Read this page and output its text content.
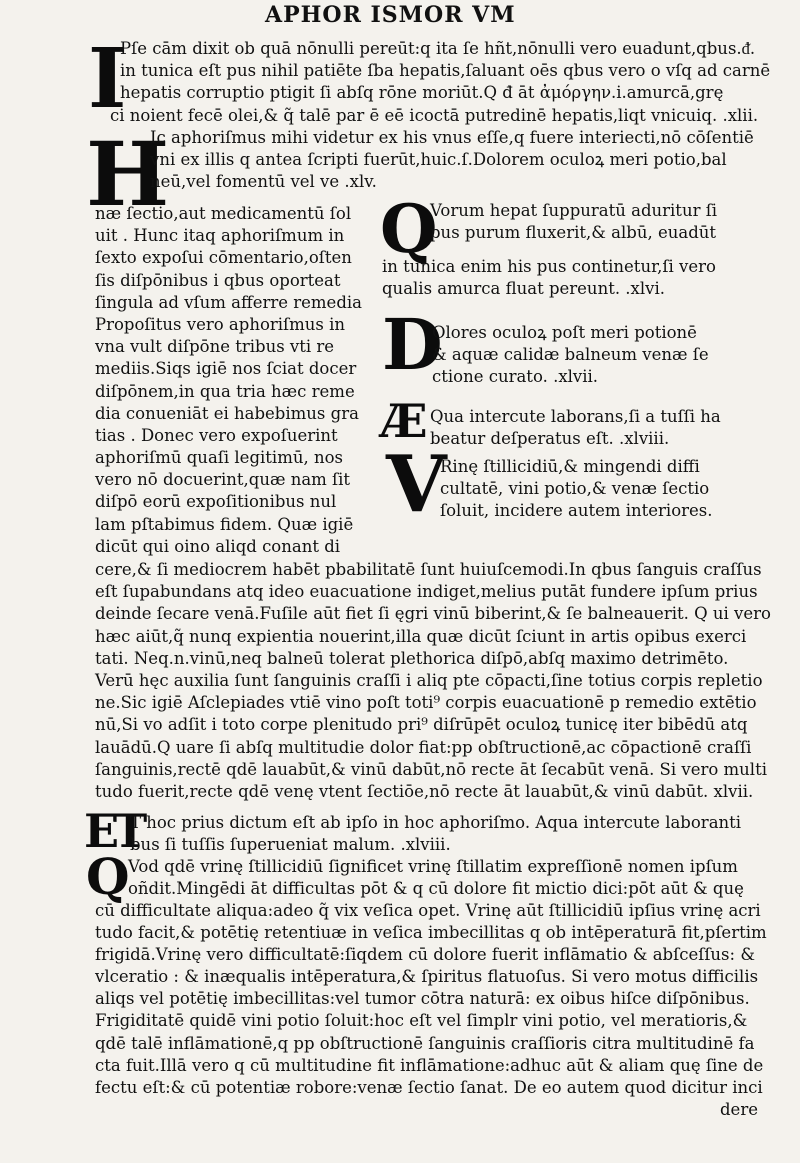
APHOR ISMOR VM
I
H
Q
D
Æ
V
ET
Q
Pſe cām dixit ob quā nōnulli pereūt:q ita ſe hñt,nōnulli vero euadunt,qbus.ᵭ.
in tunica eſt pus nihil patiēte ſba hepatis,ſaluant oēs qbus vero o vſq ad carnē
hepatis corruptio ptigit ſi abſq rōne moriūt.Q đ āt ἀμόργην.i.amurcā,grę
ci noient fecē olei,& q̃ talē par ē eē icoctā putredinē hepatis,liqt vnicuiq. .xlii.
Ic aphoriſmus mihi videtur ex his vnus eſſe,q fuere interiecti,nō cōſentiē
vni ex illis q antea ſcripti fuerūt,huic.ſ.Dolorem oculoꝝ meri potio,bal
neū,vel fomentū vel ve .xlv.
næ ſectio,aut medicamentū ſol
uit . Hunc itaq aphoriſmum in
ſexto expoſui cōmentario,oſten
ſis diſpōnibus i qbus oporteat
ſingula ad vſum afferre remedia
Propoſitus vero aphoriſmus in
vna vult diſpōne tribus vti re
mediis.Siqs igiē nos ſciat docer
diſpōnem,in qua tria hæc reme
dia conueniāt ei habebimus gra
tias . Donec vero expoſuerint
aphoriſmū quaſi legitimū, nos
vero nō docuerint,quæ nam ſit
diſpō eorū expoſitionibus nul
lam pſtabimus fidem. Quæ igiē
dicūt qui oino aliqd conant di
Vorum hepat ſuppuratū aduritur ſi
pus purum fluxerit,& albū, euadūt
in tunica enim his pus continetur,ſi vero
qualis amurca fluat pereunt. .xlvi.
Olores oculoꝝ poſt meri potionē
& aquæ calidæ balneum venæ ſe
ctione curato. .xlvii.
Qua intercute laborans,ſi a tuſſi ha
beatur deſperatus eſt. .xlviii.
Rinę ſtillicidiū,& mingendi diffi
cultatē, vini potio,& venæ ſectio
ſoluit, incidere autem interiores.
cere,& ſi mediocrem habēt pbabilitatē ſunt huiuſcemodi.In qbus ſanguis craſſus
eſt ſupabundans atq ideo euacuatione indiget,melius putāt fundere ipſum prius
deinde ſecare venā.Fuſile aūt fiet ſi ęgri vinū biberint,& ſe balneauerit. Q ui vero
hæc aiūt,q̃ nunq expientia nouerint,illa quæ dicūt ſciunt in artis opibus exerci
tati. Neq.n.vinū,neq balneū tolerat plethorica diſpō,abſq maximo detrimēto.
Verū hęc auxilia ſunt ſanguinis craſſi i aliq pte cōpacti,ſine totius corpis repletio
ne.Sic igiē Aſclepiades vtiē vino poſt toti⁹ corpis euacuationē p remedio extētio
nū,Si vo adſit i toto corpe plenitudo pri⁹ diſrūpēt oculoꝝ tunicę iter bibēdū atq
lauādū.Q uare ſi abſq multitudie dolor fiat:pp obſtructionē,ac cōpactionē craſſi
ſanguinis,rectē qdē lauabūt,& vinū dabūt,nō recte āt ſecabūt venā. Si vero multi
tudo fuerit,recte qdē venę vtent ſectiōe,nō recte āt lauabūt,& vinū dabūt. xlvii.
T hoc prius dictum eſt ab ipſo in hoc aphoriſmo. Aqua intercute laboranti
bus ſi tuſſis ſuperueniat malum. .xlviii.
Vod qdē vrinę ſtillicidiū ſignificet vrinę ſtillatim expreſſionē nomen ipſum
oñdit.Mingēdi āt difficultas pōt & q cū dolore fit mictio dici:pōt aūt & quę
cū difficultate aliqua:adeo q̃ vix veſica opet. Vrinę aūt ſtillicidiū ipſius vrinę acri
tudo facit,& potētię retentiuæ in veſica imbecillitas q ob intēperaturā fit,pſertim
frigidā.Vrinę vero difficultatē:ſiqdem cū dolore fuerit inflāmatio & abſceſſus: &
vlceratio : & inæqualis intēperatura,& ſpiritus flatuoſus. Si vero motus difficilis
aliqs vel potētię imbecillitas:vel tumor cōtra naturā: ex oibus hiſce diſpōnibus.
Frigiditatē quidē vini potio ſoluit:hoc eſt vel ſimplr vini potio, vel meratioris,&
qdē talē inflāmationē,q pp obſtructionē ſanguinis craſſioris citra multitudinē fa
cta fuit.Illā vero q cū multitudine fit inflāmatione:adhuc aūt & aliam quę ſine de
fectu eſt:& cū potentiæ robore:venæ ſectio ſanat. De eo autem quod dicitur inci
dere
